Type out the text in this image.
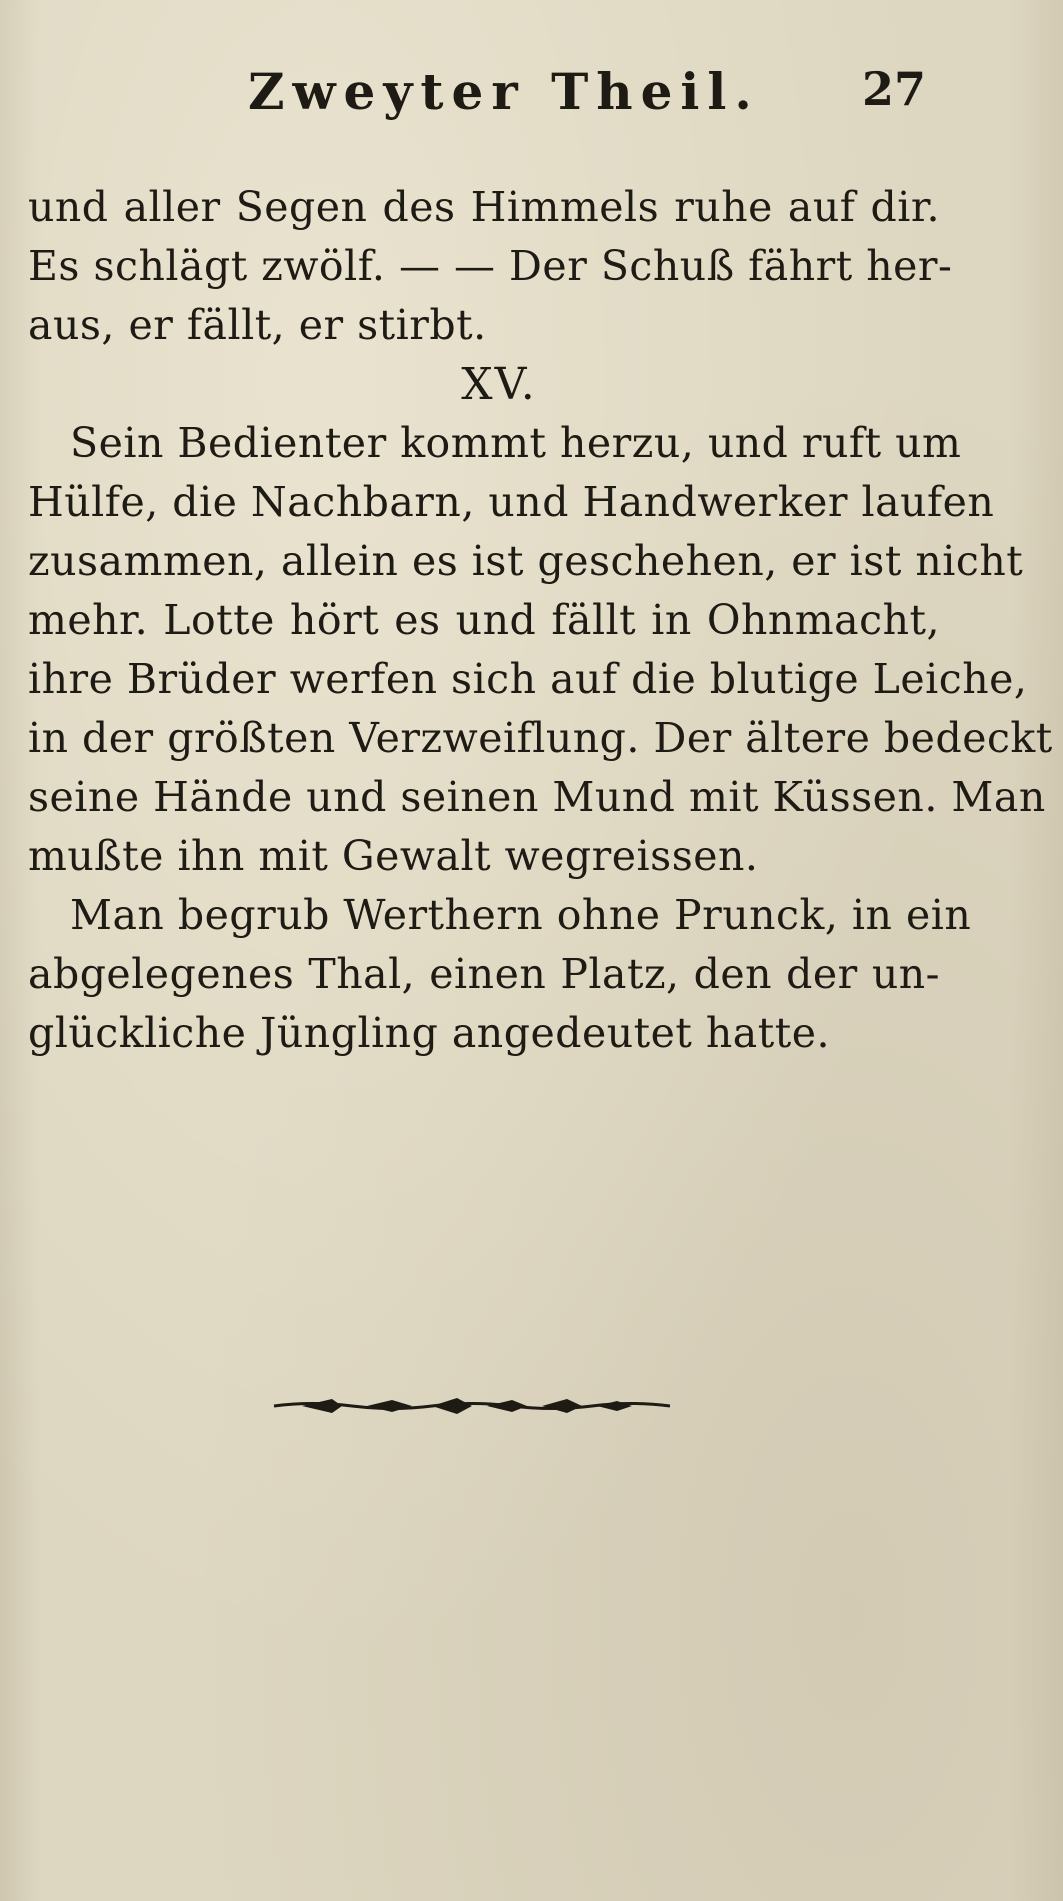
Zweyter Theil. 27
und aller Segen des Himmels ruhe auf dir.
Es schlägt zwölf. — — Der Schuß fährt her-
aus, er fällt, er stirbt.
XV.
Sein Bedienter kommt herzu, und ruft um
Hülfe, die Nachbarn, und Handwerker laufen
zusammen, allein es ist geschehen, er ist nicht
mehr. Lotte hört es und fällt in Ohnmacht,
ihre Brüder werfen sich auf die blutige Leiche,
in der größten Verzweiflung. Der ältere bedeckt
seine Hände und seinen Mund mit Küssen. Man
mußte ihn mit Gewalt wegreissen.
Man begrub Werthern ohne Prunck, in ein
abgelegenes Thal, einen Platz, den der un-
glückliche Jüngling angedeutet hatte.
